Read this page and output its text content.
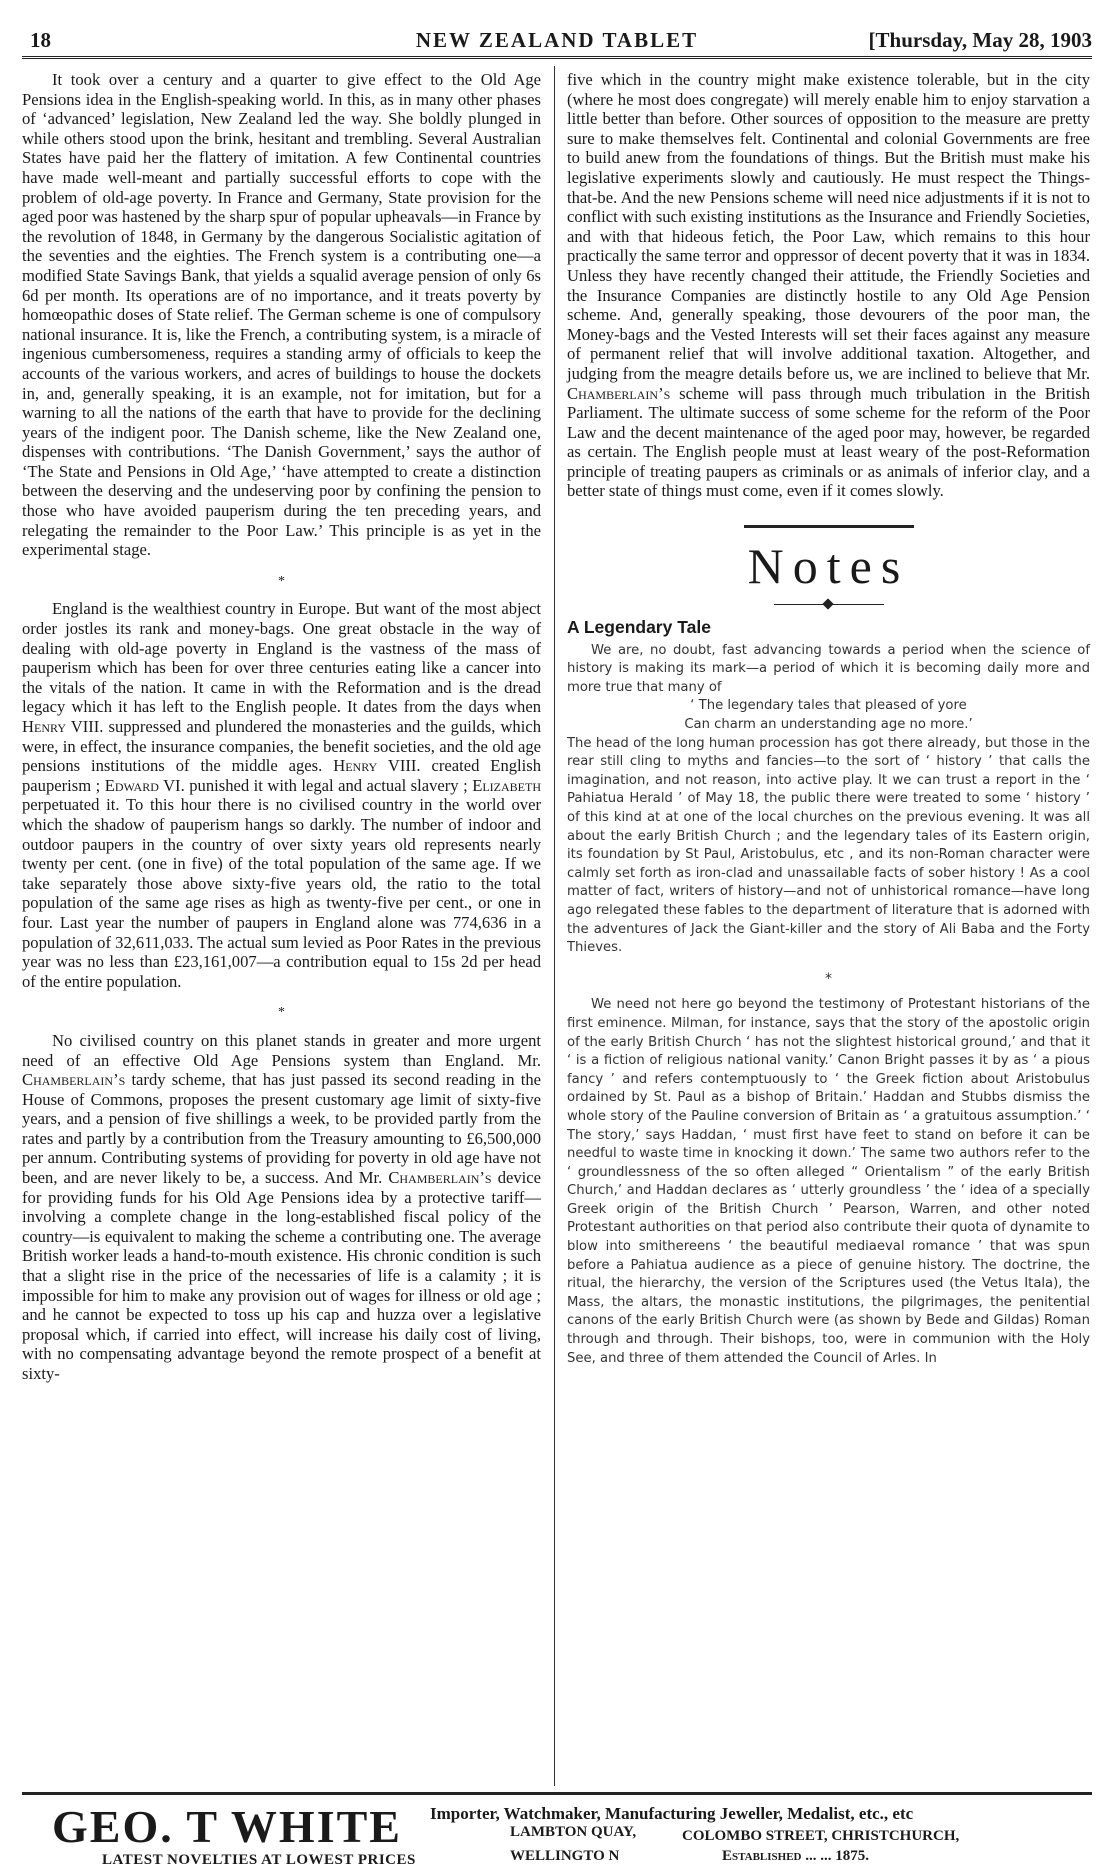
18	NEW ZEALAND TABLET	[Thursday, May 28, 1903

It took over a century and a quarter to give effect to the Old Age Pensions idea in the English-speaking world. In this, as in many other phases of ‘advanced’ legislation, New Zealand led the way. She boldly plunged in while others stood upon the brink, hesitant and trembling. Several Australian States have paid her the flattery of imitation. A few Continental countries have made well-meant and partially successful efforts to cope with the problem of old-age poverty. In France and Germany, State provision for the aged poor was hastened by the sharp spur of popular upheavals—in France by the revolution of 1848, in Germany by the dangerous Socialistic agitation of the seventies and the eighties. The French system is a contributing one—a modified State Savings Bank, that yields a squalid average pension of only 6s 6d per month. Its operations are of no importance, and it treats poverty by homœopathic doses of State relief. The German scheme is one of compulsory national insurance. It is, like the French, a contributing system, is a miracle of ingenious cumbersomeness, requires a standing army of officials to keep the accounts of the various workers, and acres of buildings to house the dockets in, and, generally speaking, it is an example, not for imitation, but for a warning to all the nations of the earth that have to provide for the declining years of the indigent poor. The Danish scheme, like the New Zealand one, dispenses with contributions. ‘The Danish Government,’ says the author of ‘The State and Pensions in Old Age,’ ‘have attempted to create a distinction between the deserving and the undeserving poor by confining the pension to those who have avoided pauperism during the ten preceding years, and relegating the remainder to the Poor Law.’ This principle is as yet in the experimental stage.

*

England is the wealthiest country in Europe. But want of the most abject order jostles its rank and money-bags. One great obstacle in the way of dealing with old-age poverty in England is the vastness of the mass of pauperism which has been for over three centuries eating like a cancer into the vitals of the nation. It came in with the Reformation and is the dread legacy which it has left to the English people. It dates from the days when Henry VIII. suppressed and plundered the monasteries and the guilds, which were, in effect, the insurance companies, the benefit societies, and the old age pensions institutions of the middle ages. Henry VIII. created English pauperism ; Edward VI. punished it with legal and actual slavery ; Elizabeth perpetuated it. To this hour there is no civilised country in the world over which the shadow of pauperism hangs so darkly. The number of indoor and outdoor paupers in the country of over sixty years old represents nearly twenty per cent. (one in five) of the total population of the same age. If we take separately those above sixty-five years old, the ratio to the total population of the same age rises as high as twenty-five per cent., or one in four. Last year the number of paupers in England alone was 774,636 in a population of 32,611,033. The actual sum levied as Poor Rates in the previous year was no less than £23,161,007—a contribution equal to 15s 2d per head of the entire population.

*

No civilised country on this planet stands in greater and more urgent need of an effective Old Age Pensions system than England. Mr. Chamberlain’s tardy scheme, that has just passed its second reading in the House of Commons, proposes the present customary age limit of sixty-five years, and a pension of five shillings a week, to be provided partly from the rates and partly by a contribution from the Treasury amounting to £6,500,000 per annum. Contributing systems of providing for poverty in old age have not been, and are never likely to be, a success. And Mr. Chamberlain’s device for providing funds for his Old Age Pensions idea by a protective tariff—involving a complete change in the long-established fiscal policy of the country—is equivalent to making the scheme a contributing one. The average British worker leads a hand-to-mouth existence. His chronic condition is such that a slight rise in the price of the necessaries of life is a calamity ; it is impossible for him to make any provision out of wages for illness or old age ; and he cannot be expected to toss up his cap and huzza over a legislative proposal which, if carried into effect, will increase his daily cost of living, with no compensating advantage beyond the remote prospect of a benefit at sixty-

five which in the country might make existence tolerable, but in the city (where he most does congregate) will merely enable him to enjoy starvation a little better than before. Other sources of opposition to the measure are pretty sure to make themselves felt. Continental and colonial Governments are free to build anew from the foundations of things. But the British must make his legislative experiments slowly and cautiously. He must respect the Things-that-be. And the new Pensions scheme will need nice adjustments if it is not to conflict with such existing institutions as the Insurance and Friendly Societies, and with that hideous fetich, the Poor Law, which remains to this hour practically the same terror and oppressor of decent poverty that it was in 1834. Unless they have recently changed their attitude, the Friendly Societies and the Insurance Companies are distinctly hostile to any Old Age Pension scheme. And, generally speaking, those devourers of the poor man, the Money-bags and the Vested Interests will set their faces against any measure of permanent relief that will involve additional taxation. Altogether, and judging from the meagre details before us, we are inclined to believe that Mr. Chamberlain’s scheme will pass through much tribulation in the British Parliament. The ultimate success of some scheme for the reform of the Poor Law and the decent maintenance of the aged poor may, however, be regarded as certain. The English people must at least weary of the post-Reformation principle of treating paupers as criminals or as animals of inferior clay, and a better state of things must come, even if it comes slowly.

Notes
A Legendary Tale

We are, no doubt, fast advancing towards a period when the science of history is making its mark—a period of which it is becoming daily more and more true that many of

‘ The legendary tales that pleased of yore

Can charm an understanding age no more.’

The head of the long human procession has got there already, but those in the rear still cling to myths and fancies—to the sort of ‘ history ’ that calls the imagination, and not reason, into active play. It we can trust a report in the ‘ Pahiatua Herald ’ of May 18, the public there were treated to some ‘ history ’ of this kind at at one of the local churches on the previous evening. It was all about the early British Church ; and the legendary tales of its Eastern origin, its foundation by St Paul, Aristobulus, etc , and its non-Roman character were calmly set forth as iron-clad and unassailable facts of sober history ! As a cool matter of fact, writers of history—and not of unhistorical romance—have long ago relegated these fables to the department of literature that is adorned with the adventures of Jack the Giant-killer and the story of Ali Baba and the Forty Thieves.

*

We need not here go beyond the testimony of Protestant historians of the first eminence. Milman, for instance, says that the story of the apostolic origin of the early British Church ‘ has not the slightest historical ground,’ and that it ‘ is a fiction of religious national vanity.’ Canon Bright passes it by as ‘ a pious fancy ’ and refers contemptuously to ‘ the Greek fiction about Aristobulus ordained by St. Paul as a bishop of Britain.’ Haddan and Stubbs dismiss the whole story of the Pauline conversion of Britain as ‘ a gratuitous assumption.’ ‘ The story,’ says Haddan, ‘ must first have feet to stand on before it can be needful to waste time in knocking it down.’ The same two authors refer to the ‘ groundlessness of the so often alleged “ Orientalism ” of the early British Church,’ and Haddan declares as ‘ utterly groundless ’ the ‘ idea of a specially Greek origin of the British Church ’ Pearson, Warren, and other noted Protestant authorities on that period also contribute their quota of dynamite to blow into smithereens ‘ the beautiful mediaeval romance ’ that was spun before a Pahiatua audience as a piece of genuine history. The doctrine, the ritual, the hierarchy, the version of the Scriptures used (the Vetus Itala), the Mass, the altars, the monastic institutions, the pilgrimages, the penitential canons of the early British Church were (as shown by Bede and Gildas) Roman through and through. Their bishops, too, were in communion with the Holy See, and three of them attended the Council of Arles. In

GEO. T WHITE
LATEST NOVELTIES AT LOWEST PRICES
Importer, Watchmaker, Manufacturing Jeweller, Medalist, etc., etc
LAMBTON QUAY,	COLOMBO STREET, CHRISTCHURCH,
WELLINGTO N	Established ... ... 1875.
